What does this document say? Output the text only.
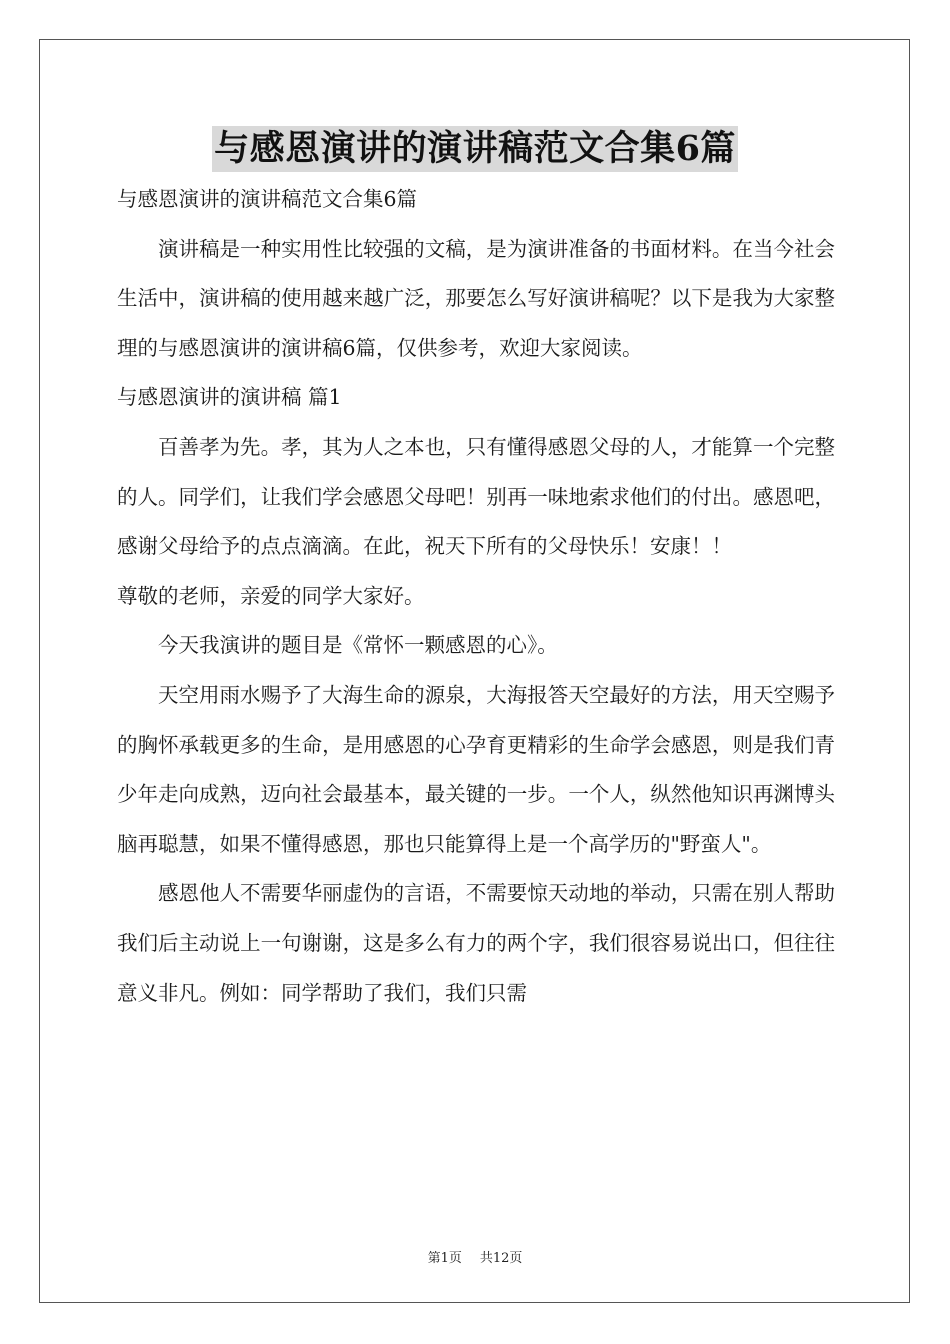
与感恩演讲的演讲稿范文合集6篇

与感恩演讲的演讲稿范文合集6篇

演讲稿是一种实用性比较强的文稿，是为演讲准备的书面材料。在当今社会生活中，演讲稿的使用越来越广泛，那要怎么写好演讲稿呢？以下是我为大家整理的与感恩演讲的演讲稿6篇，仅供参考，欢迎大家阅读。

与感恩演讲的演讲稿 篇1

百善孝为先。孝，其为人之本也，只有懂得感恩父母的人，才能算一个完整的人。同学们，让我们学会感恩父母吧！别再一味地索求他们的付出。感恩吧，感谢父母给予的点点滴滴。在此，祝天下所有的父母快乐！安康！！

尊敬的老师，亲爱的同学大家好。

今天我演讲的题目是《常怀一颗感恩的心》。

天空用雨水赐予了大海生命的源泉，大海报答天空最好的方法，用天空赐予的胸怀承载更多的生命，是用感恩的心孕育更精彩的生命学会感恩，则是我们青少年走向成熟，迈向社会最基本，最关键的一步。一个人，纵然他知识再渊博头脑再聪慧，如果不懂得感恩，那也只能算得上是一个高学历的"野蛮人"。

感恩他人不需要华丽虚伪的言语，不需要惊天动地的举动，只需在别人帮助我们后主动说上一句谢谢，这是多么有力的两个字，我们很容易说出口，但往往意义非凡。例如：同学帮助了我们，我们只需

第1页 共12页
